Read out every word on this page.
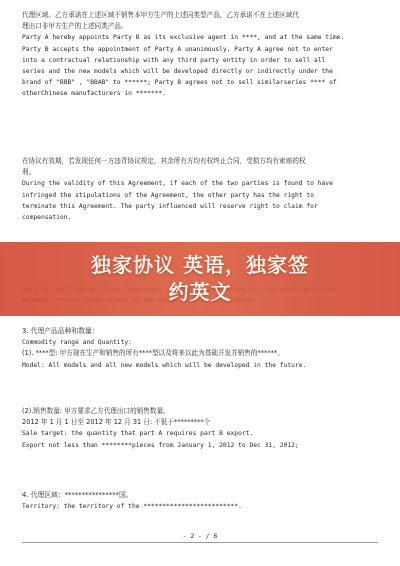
代理区域。乙方承诺在上述区域不销售本甲方生产的上述同类型产品，乙方承诺不在上述区域代
理出口非甲方生产的上述同类产品。
Party A hereby appoints Party B as its exclusive agent in ****, and at the same time.
Party B accepts the appointment of Party A unanimously. Party A agree not to enter
into a contractual relationship with any third party entity in order to sell all
series and the new models which will be developed directly or indirectly under the
brand of "BBB" , "BBAB" to ******; Party B agrees not to sell similarseries **** of
otherChinese manufacturers in *******.
在协议有效期，若发现任何一方违背协议规定，其余所有方均有权终止合同，受损方均有索赔的权
利。
During the validity of this Agreement, if each of the two parties is found to have
infringed the stipulations of the Agreement, the other party has the right to
terminate this Agreement. The party influenced will reserve right to claim for
compensation.
3. 代理产品品种和数量：
Commodity range and Quantity:
(1). ****型: 甲方现在生产和销售的所有****型以及将来以此为基础开发并销售的******。
Model: All models and all new models which will be developed in the future.
(2).销售数量: 甲方要求乙方代理出口的销售数量。
2012 年 1 月 1 日至 2012 年 12 月 31 日: 不低于*********个
Sale target: the quantity that part A requires part B export.
Export not less than ********pieces from January 1, 2012 to Dec 31, 2012;
4. 代理区域：****************国。
Territory: the territory of the *************************.
- 2 - / 6
独家协议 英语，独家签
约英文
